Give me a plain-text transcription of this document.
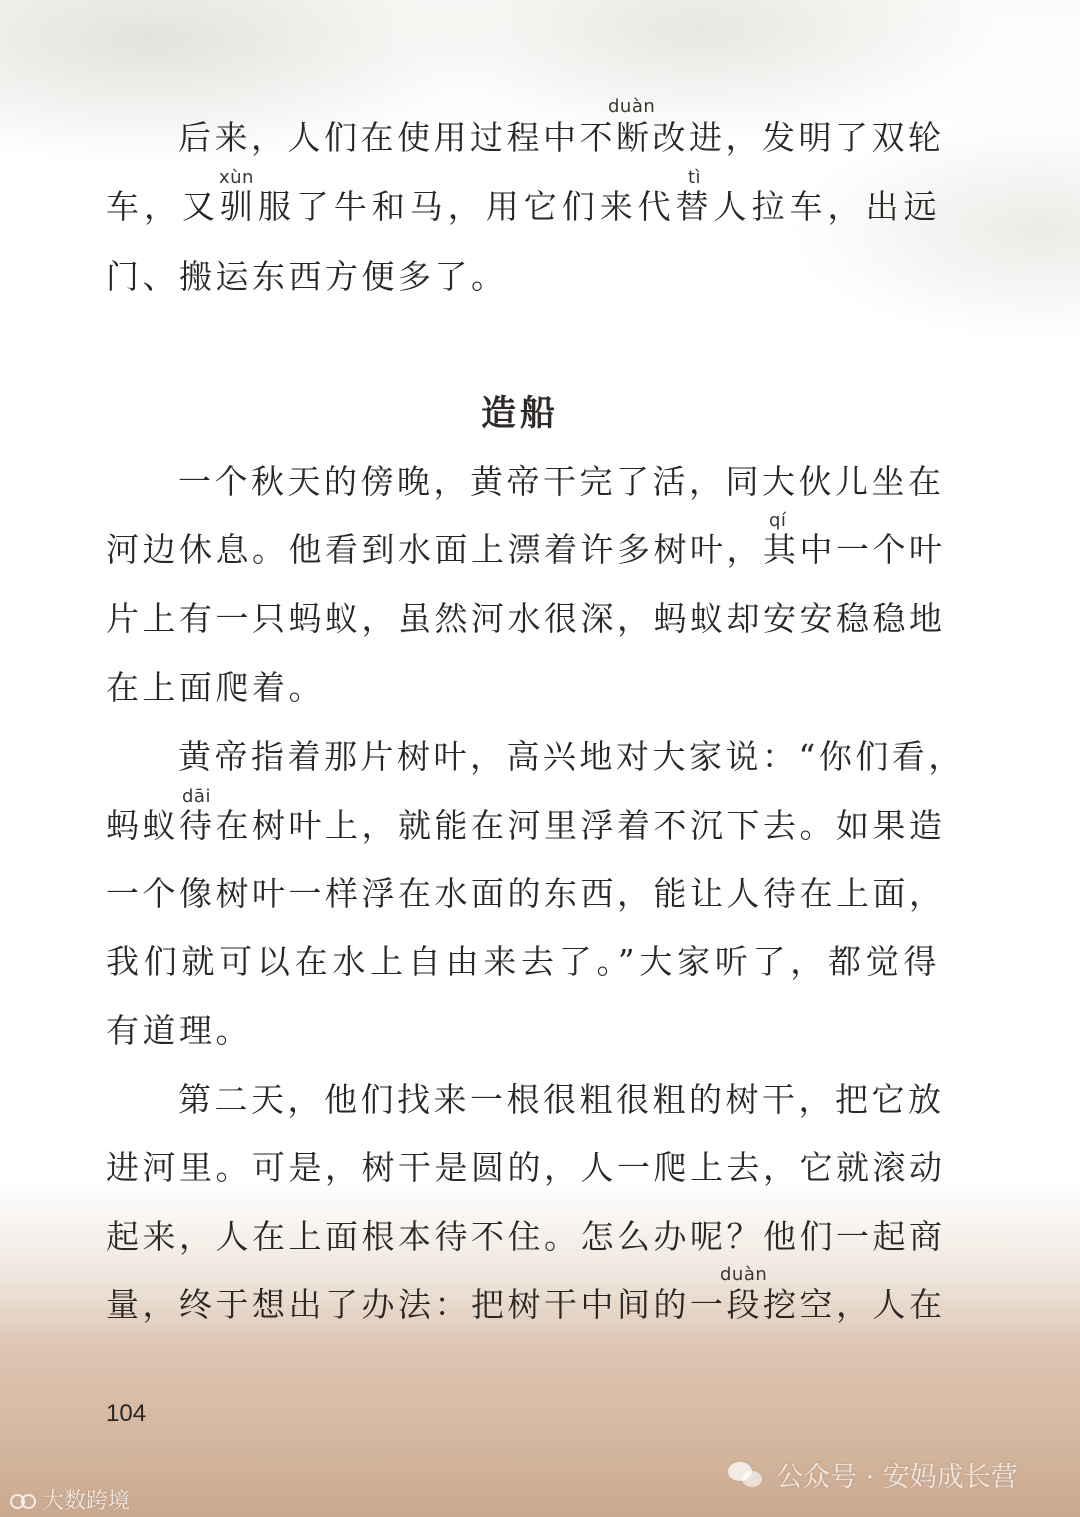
duàn
后来，人们在使用过程中不断改进，发明了双轮
xùn	tì
车，又驯服了牛和马，用它们来代替人拉车，出远
门、搬运东西方便多了。
造船
一个秋天的傍晚，黄帝干完了活，同大伙儿坐在
qí
河边休息。他看到水面上漂着许多树叶，其中一个叶
片上有一只蚂蚁，虽然河水很深，蚂蚁却安安稳稳地
在上面爬着。
黄帝指着那片树叶，高兴地对大家说：“你们看，
dāi
蚂蚁待在树叶上，就能在河里浮着不沉下去。如果造
一个像树叶一样浮在水面的东西，能让人待在上面，
我们就可以在水上自由来去了。”大家听了，都觉得
有道理。
第二天，他们找来一根很粗很粗的树干，把它放
进河里。可是，树干是圆的，人一爬上去，它就滚动
起来，人在上面根本待不住。怎么办呢？他们一起商
duàn
量，终于想出了办法：把树干中间的一段挖空，人在
104
公众号 · 安妈成长营
大数跨境
